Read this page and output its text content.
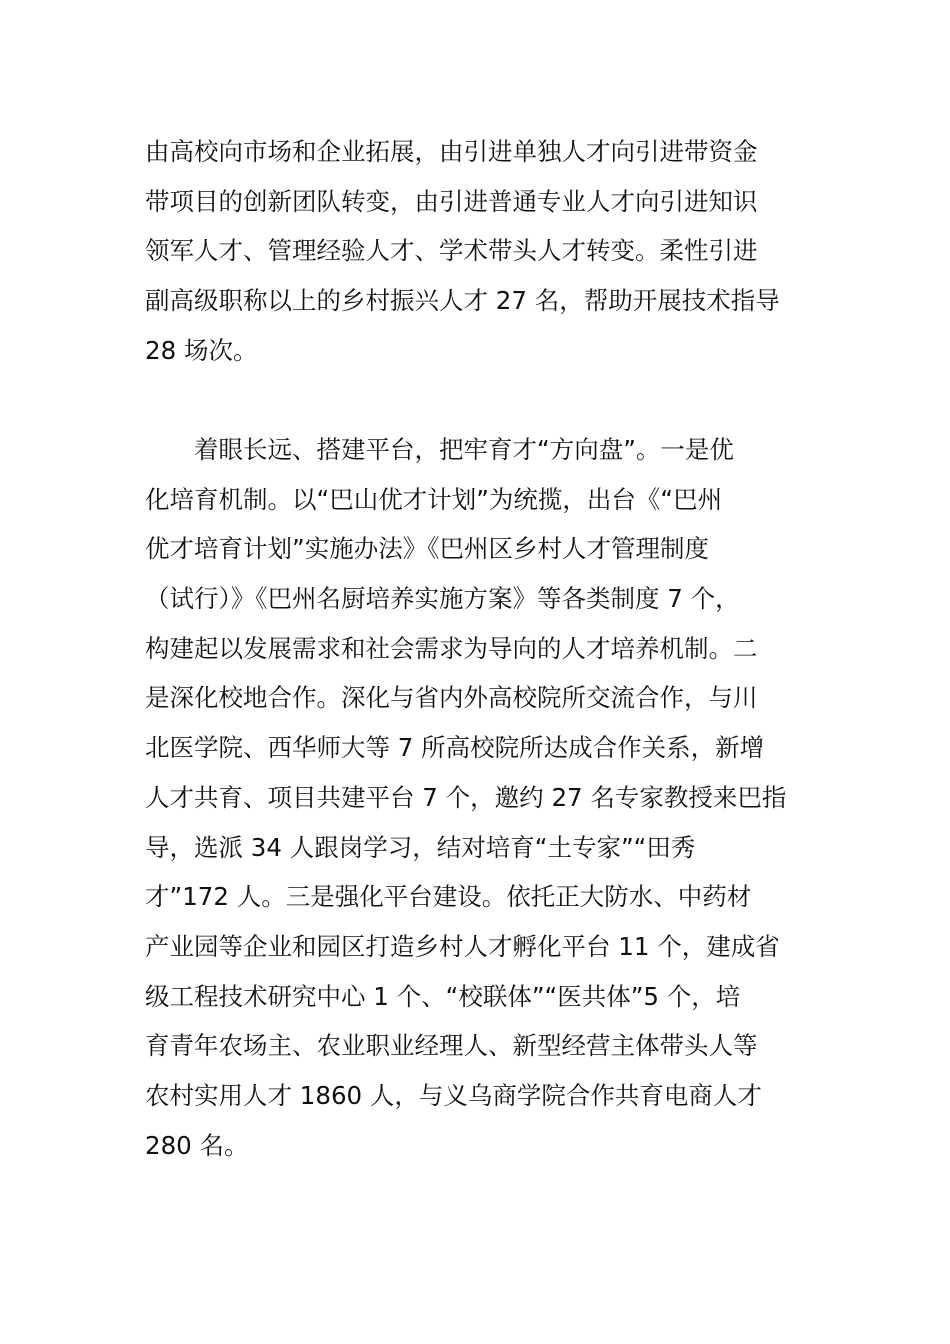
由高校向市场和企业拓展，由引进单独人才向引进带资金
带项目的创新团队转变，由引进普通专业人才向引进知识
领军人才、管理经验人才、学术带头人才转变。柔性引进
副高级职称以上的乡村振兴人才 27 名，帮助开展技术指导
28 场次。
　　着眼长远、搭建平台，把牢育才“方向盘”。一是优
化培育机制。以“巴山优才计划”为统揽，出台《“巴州
优才培育计划”实施办法》《巴州区乡村人才管理制度
（试行）》《巴州名厨培养实施方案》等各类制度 7 个，
构建起以发展需求和社会需求为导向的人才培养机制。二
是深化校地合作。深化与省内外高校院所交流合作，与川
北医学院、西华师大等 7 所高校院所达成合作关系，新增
人才共育、项目共建平台 7 个，邀约 27 名专家教授来巴指
导，选派 34 人跟岗学习，结对培育“土专家”“田秀
才”172 人。三是强化平台建设。依托正大防水、中药材
产业园等企业和园区打造乡村人才孵化平台 11 个，建成省
级工程技术研究中心 1 个、“校联体”“医共体”5 个，培
育青年农场主、农业职业经理人、新型经营主体带头人等
农村实用人才 1860 人，与义乌商学院合作共育电商人才
280 名。
